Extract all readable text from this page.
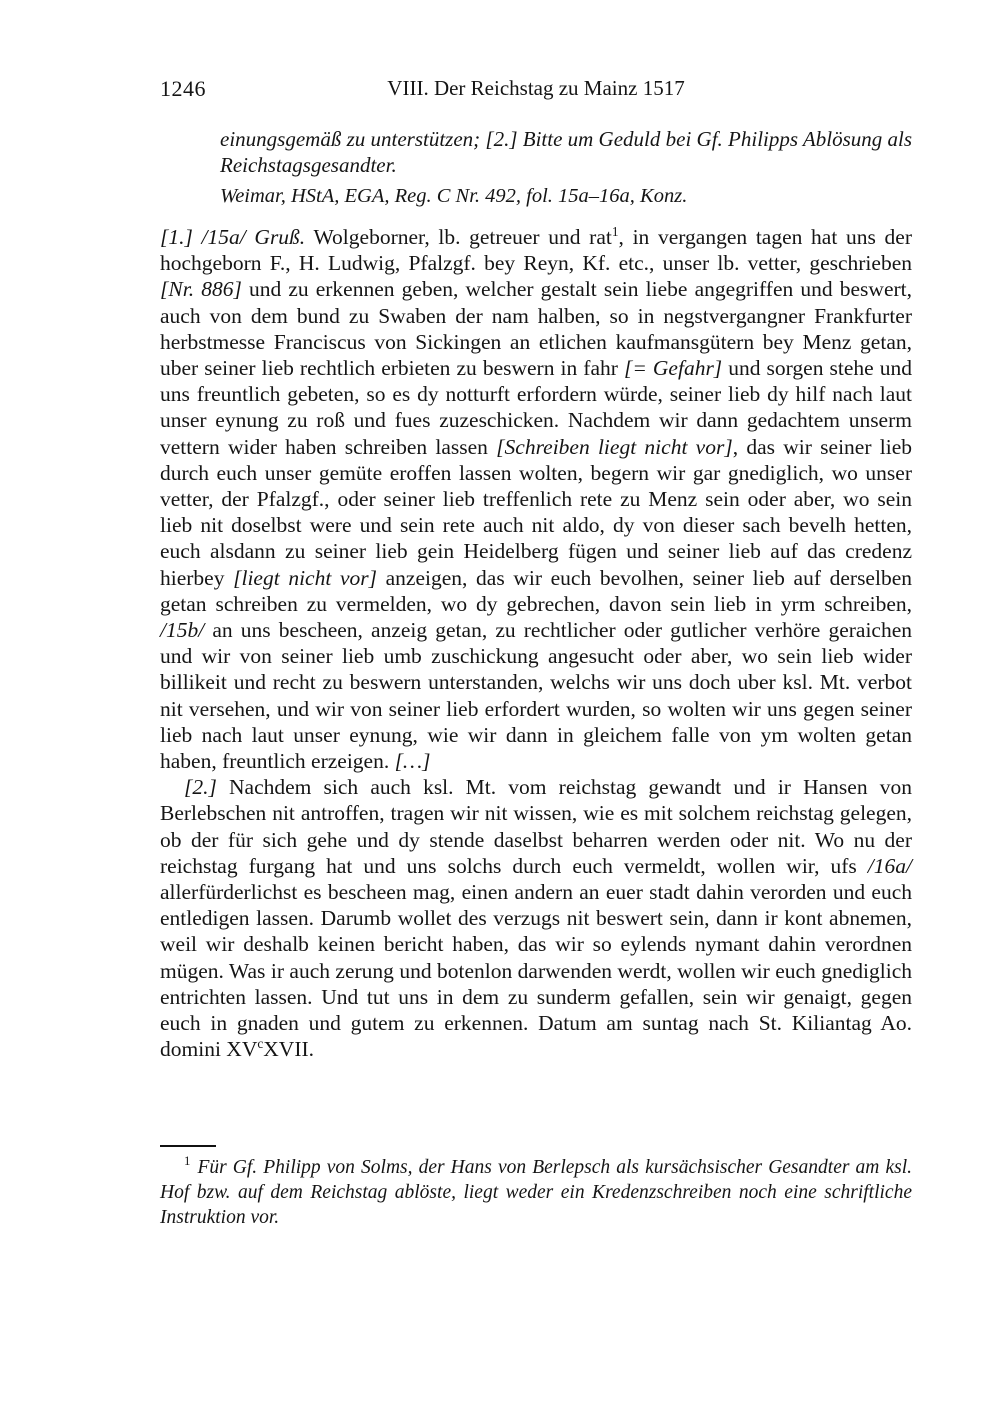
1246	VIII. Der Reichstag zu Mainz 1517

einungsgemäß zu unterstützen; [2.] Bitte um Geduld bei Gf. Philipps Ablösung als Reichstagsgesandter.

Weimar, HStA, EGA, Reg. C Nr. 492, fol. 15a–16a, Konz.

[1.] /15a/ Gruß. Wolgeborner, lb. getreuer und rat$^1$, in vergangen tagen hat uns der hochgeborn F., H. Ludwig, Pfalzgf. bey Reyn, Kf. etc., unser lb. vetter, geschrieben [Nr. 886] und zu erkennen geben, welcher gestalt sein liebe angegriffen und beswert, auch von dem bund zu Swaben der nam halben, so in negstvergangner Frankfurter herbstmesse Franciscus von Sickingen an etlichen kaufmansgütern bey Menz getan, uber seiner lieb rechtlich erbieten zu beswern in fahr [= Gefahr] und sorgen stehe und uns freuntlich gebeten, so es dy notturft erfordern würde, seiner lieb dy hilf nach laut unser eynung zu roß und fues zuzeschicken. Nachdem wir dann gedachtem unserm vettern wider haben schreiben lassen [Schreiben liegt nicht vor], das wir seiner lieb durch euch unser gemüte eroffen lassen wolten, begern wir gar gnediglich, wo unser vetter, der Pfalzgf., oder seiner lieb treffenlich rete zu Menz sein oder aber, wo sein lieb nit doselbst were und sein rete auch nit aldo, dy von dieser sach bevelh hetten, euch alsdann zu seiner lieb gein Heidelberg fügen und seiner lieb auf das credenz hierbey [liegt nicht vor] anzeigen, das wir euch bevolhen, seiner lieb auf derselben getan schreiben zu vermelden, wo dy gebrechen, davon sein lieb in yrm schreiben, /15b/ an uns bescheen, anzeig getan, zu rechtlicher oder gutlicher verhöre geraichen und wir von seiner lieb umb zuschickung angesucht oder aber, wo sein lieb wider billikeit und recht zu beswern unterstanden, welchs wir uns doch uber ksl. Mt. verbot nit versehen, und wir von seiner lieb erfordert wurden, so wolten wir uns gegen seiner lieb nach laut unser eynung, wie wir dann in gleichem falle von ym wolten getan haben, freuntlich erzeigen. […]

[2.] Nachdem sich auch ksl. Mt. vom reichstag gewandt und ir Hansen von Berlebschen nit antroffen, tragen wir nit wissen, wie es mit solchem reichstag gelegen, ob der für sich gehe und dy stende daselbst beharren werden oder nit. Wo nu der reichstag furgang hat und uns solchs durch euch vermeldt, wollen wir, ufs /16a/ allerfürderlichst es bescheen mag, einen andern an euer stadt dahin verorden und euch entledigen lassen. Darumb wollet des verzugs nit beswert sein, dann ir kont abnemen, weil wir deshalb keinen bericht haben, das wir so eylends nymant dahin verordnen mügen. Was ir auch zerung und botenlon darwenden werdt, wollen wir euch gnediglich entrichten lassen. Und tut uns in dem zu sunderm gefallen, sein wir genaigt, gegen euch in gnaden und gutem zu erkennen. Datum am suntag nach St. Kiliantag Ao. domini $XV^cXVII$.

$^1$ Für Gf. Philipp von Solms, der Hans von Berlepsch als kursächsischer Gesandter am ksl. Hof bzw. auf dem Reichstag ablöste, liegt weder ein Kredenzschreiben noch eine schriftliche Instruktion vor.
